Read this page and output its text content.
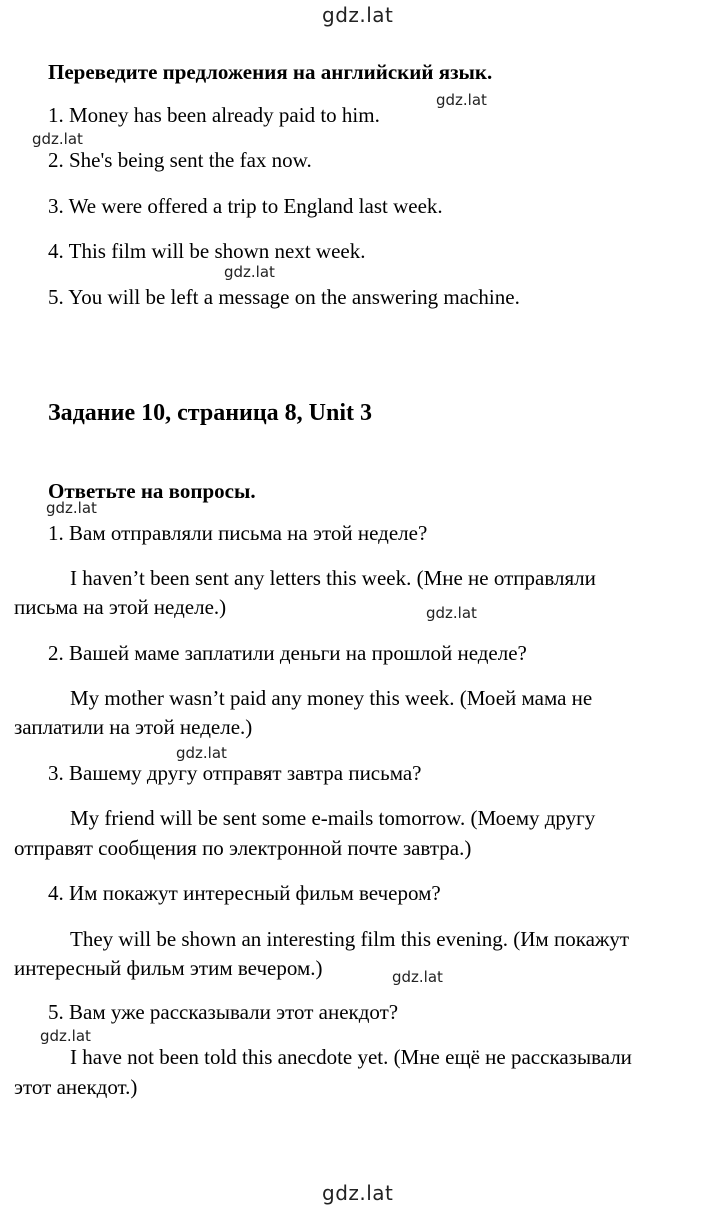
gdz.lat
gdz.lat
gdz.lat
gdz.lat
gdz.lat
gdz.lat
gdz.lat
gdz.lat
gdz.lat
gdz.lat
Переведите предложения на английский язык.
1. Money has been already paid to him.
2. She's being sent the fax now.
3. We were offered a trip to England last week.
4. This film will be shown next week.
5. You will be left a message on the answering machine.
Задание 10, страница 8, Unit 3
Ответьте на вопросы.
1. Вам отправляли письма на этой неделе?
I haven’t been sent any letters this week. (Мне не отправляли
письма на этой неделе.)
2. Вашей маме заплатили деньги на прошлой неделе?
My mother wasn’t paid any money this week. (Моей мама не
заплатили на этой неделе.)
3. Вашему другу отправят завтра письма?
My friend will be sent some e-mails tomorrow. (Моему другу
отправят сообщения по электронной почте завтра.)
4. Им покажут интересный фильм вечером?
They will be shown an interesting film this evening. (Им покажут
интересный фильм этим вечером.)
5. Вам уже рассказывали этот анекдот?
I have not been told this anecdote yet. (Мне ещё не рассказывали
этот анекдот.)
